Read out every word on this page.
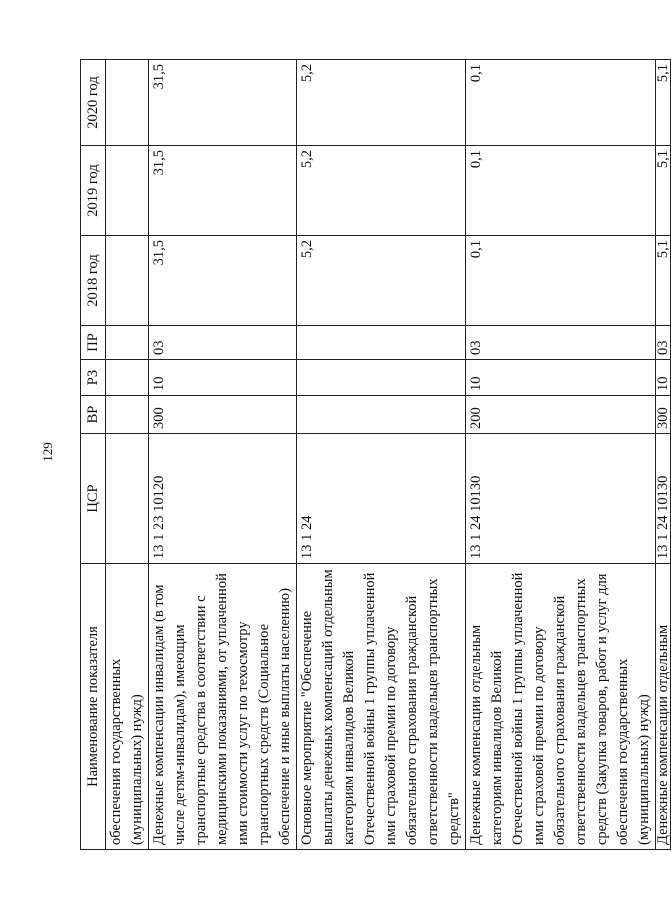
129
Наименование показателя	ЦСР	ВР	РЗ	ПР	2018 год	2019 год	2020 год
обеспечения государственных (муниципальных) нужд)							
Денежные компенсации инвалидам (в том числе детям-инвалидам), имеющим транспортные средства в соответствии с медицинскими показаниями, от уплаченной ими стоимости услуг по техосмотру транспортных средств (Социальное обеспечение и иные выплаты населению)	13 1 23 10120	300	10	03	31,5	31,5	31,5
Основное мероприятие "Обеспечение выплаты денежных компенсаций отдельным категориям инвалидов Великой Отечественной войны 1 группы уплаченной ими страховой премии по договору обязательного страхования гражданской ответственности владельцев транспортных средств"	13 1 24				5,2	5,2	5,2
Денежные компенсации отдельным категориям инвалидов Великой Отечественной войны 1 группы уплаченной ими страховой премии по договору обязательного страхования гражданской ответственности владельцев транспортных средств (Закупка товаров, работ и услуг для обеспечения государственных (муниципальных) нужд)	13 1 24 10130	200	10	03	0,1	0,1	0,1
Денежные компенсации отдельным	13 1 24 10130	300	10	03	5,1	5,1	5,1
